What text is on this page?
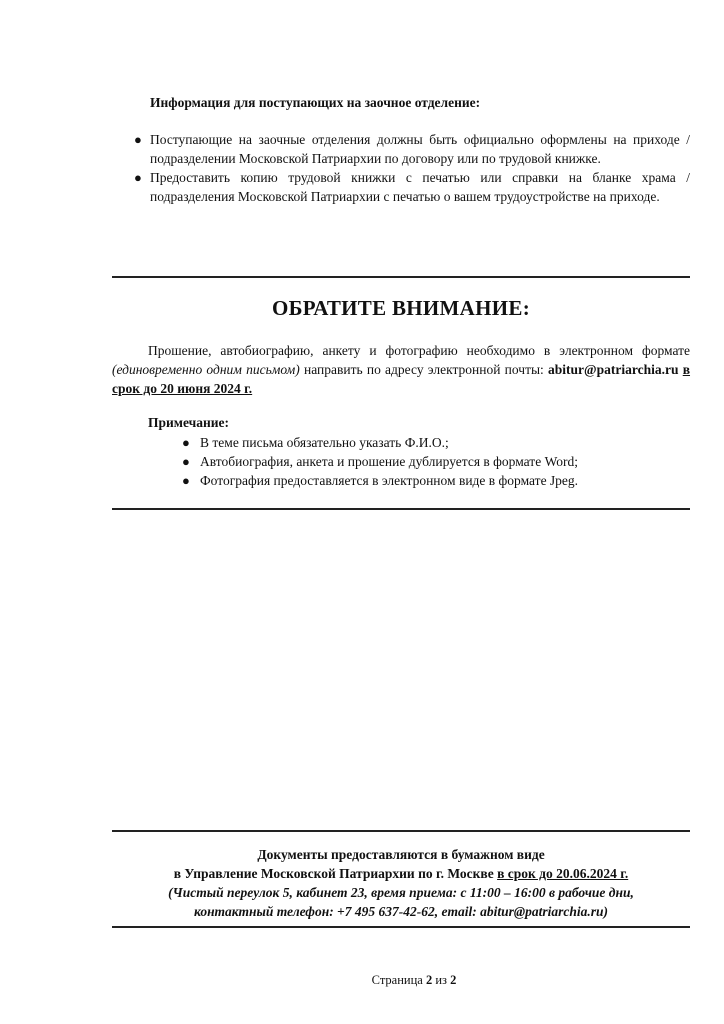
Информация для поступающих на заочное отделение:
● Поступающие на заочные отделения должны быть официально оформлены на приходе / подразделении Московской Патриархии по договору или по трудовой книжке.
● Предоставить копию трудовой книжки с печатью или справки на бланке храма / подразделения Московской Патриархии с печатью о вашем трудоустройстве на приходе.
ОБРАТИТЕ ВНИМАНИЕ:
Прошение, автобиографию, анкету и фотографию необходимо в электронном формате (единовременно одним письмом) направить по адресу электронной почты: abitur@patriarchia.ru в срок до 20 июня 2024 г.
Примечание:
● В теме письма обязательно указать Ф.И.О.;
● Автобиография, анкета и прошение дублируется в формате Word;
● Фотография предоставляется в электронном виде в формате Jpeg.
Документы предоставляются в бумажном виде
в Управление Московской Патриархии по г. Москве в срок до 20.06.2024 г.
(Чистый переулок 5, кабинет 23, время приема: с 11:00 – 16:00 в рабочие дни,
контактный телефон: +7 495 637-42-62, email: abitur@patriarchia.ru)
Страница 2 из 2
